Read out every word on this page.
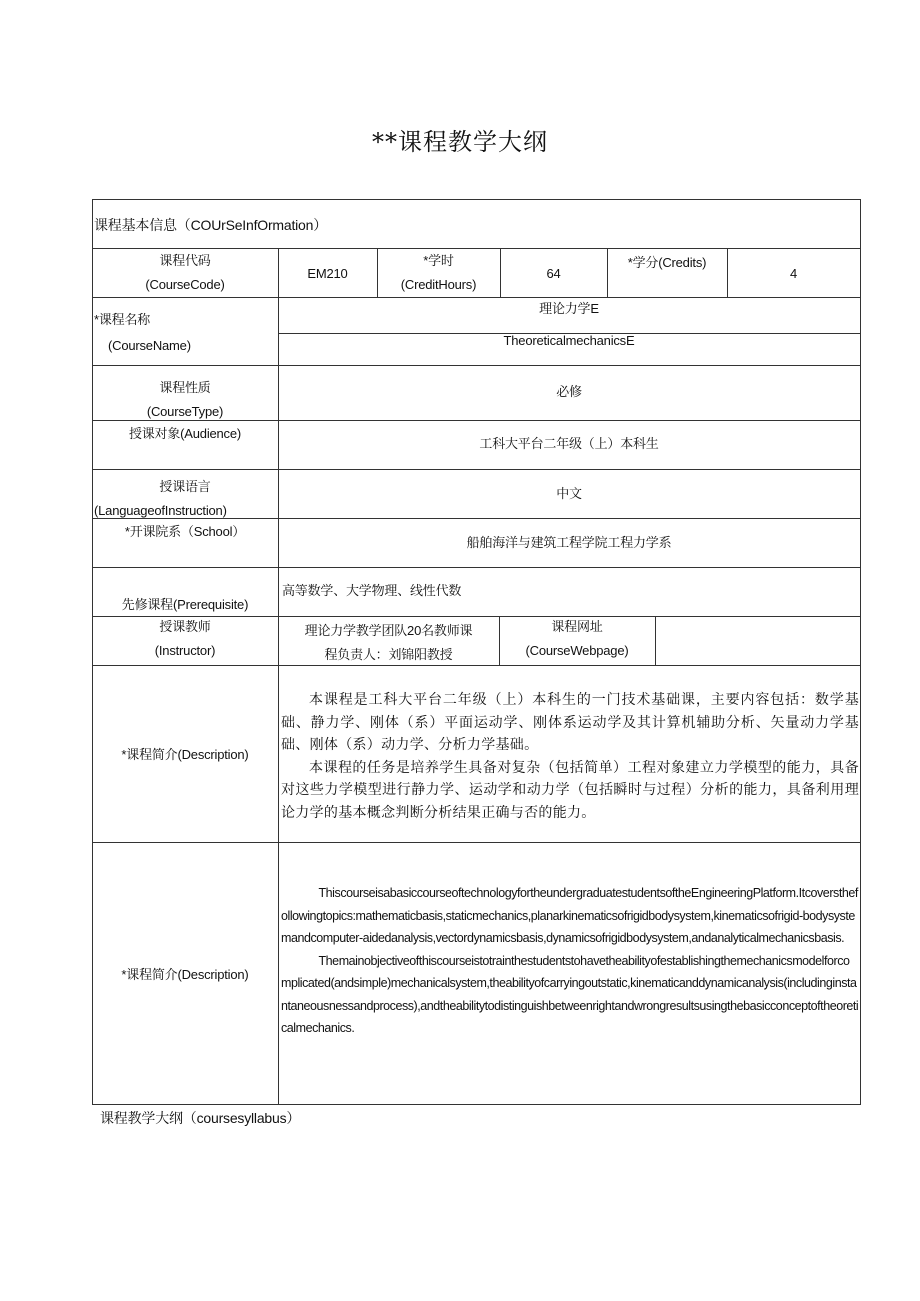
**课程教学大纲
课程基本信息（COUrSeInfOrmation）
课程代码
(CourseCode)
EM210
*学时
(CreditHours)
64
*学分(Credits)
4
*课程名称
(CourseName)
理论力学E
TheoreticalmechanicsE
课程性质
(CourseType)
必修
授课对象(Audience)
工科大平台二年级（上）本科生
授课语言
(LanguageofInstruction)
中文
*开课院系（School）
船舶海洋与建筑工程学院工程力学系
先修课程(Prerequisite)
高等数学、大学物理、线性代数
授课教师
(Instructor)
理论力学教学团队20名教师课
程负责人：刘锦阳教授
课程网址
(CourseWebpage)
*课程简介(Description)

本课程是工科大平台二年级（上）本科生的一门技术基础课，主要内容包括：数学基础、静力学、刚体（系）平面运动学、刚体系运动学及其计算机辅助分析、矢量动力学基础、刚体（系）动力学、分析力学基础。

本课程的任务是培养学生具备对复杂（包括简单）工程对象建立力学模型的能力，具备对这些力学模型进行静力学、运动学和动力学（包括瞬时与过程）分析的能力，具备利用理论力学的基本概念判断分析结果正确与否的能力。

*课程简介(Description)

ThiscourseisabasiccourseoftechnologyfortheundergraduatestudentsoftheEngineeringPlatform.Itcoversthefollowingtopics:mathematicbasis,staticmechanics,planarkinematicsofrigidbodysystem,kinematicsofrigid-bodysystemandcomputer-aidedanalysis,vectordynamicsbasis,dynamicsofrigidbodysystem,andanalyticalmechanicsbasis.

Themainobjectiveofthiscourseistotrainthestudentstohavetheabilityofestablishingthemechanicsmodelforcomplicated(andsimple)mechanicalsystem,theabilityofcarryingoutstatic,kinematicanddynamicanalysis(includinginstantaneousnessandprocess),andtheabilitytodistinguishbetweenrightandwrongresultsusingthebasicconceptoftheoreticalmechanics.

课程教学大纲（coursesyllabus）
